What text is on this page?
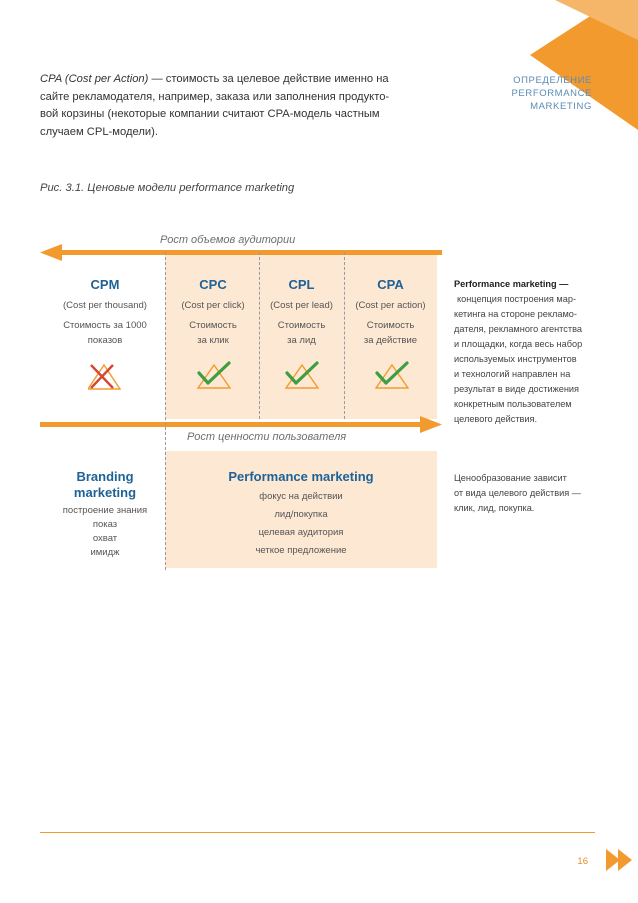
CPA (Cost per Action) — стоимость за целевое действие именно на
сайте рекламодателя, например, заказа или заполнения продукто-
вой корзины (некоторые компании считают CPA-модель частным
случаем CPL-модели).
ОПРЕДЕЛЕНИЕ
PERFORMANCE
MARKETING
Рис. 3.1. Ценовые модели performance marketing
Рост объемов аудитории
Рост ценности пользователя
CPM
(Cost per thousand)
Стоимость за 1000
показов
CPC
(Cost per click)
Стоимость
за клик
CPL
(Cost per lead)
Стоимость
за лид
CPA
(Cost per action)
Стоимость
за действие
Performance marketing —
концепция построения мар-
кетинга на стороне рекламо-
дателя, рекламного агентства
и площадки, когда весь набор
используемых инструментов
и технологий направлен на
результат в виде достижения
конкретным пользователем
целевого действия.
Branding
marketing
построение знания
показ
охват
имидж
Performance marketing
фокус на действии
лид/покупка
целевая аудитория
четкое предложение
Ценообразование зависит
от вида целевого действия —
клик, лид, покупка.
16
